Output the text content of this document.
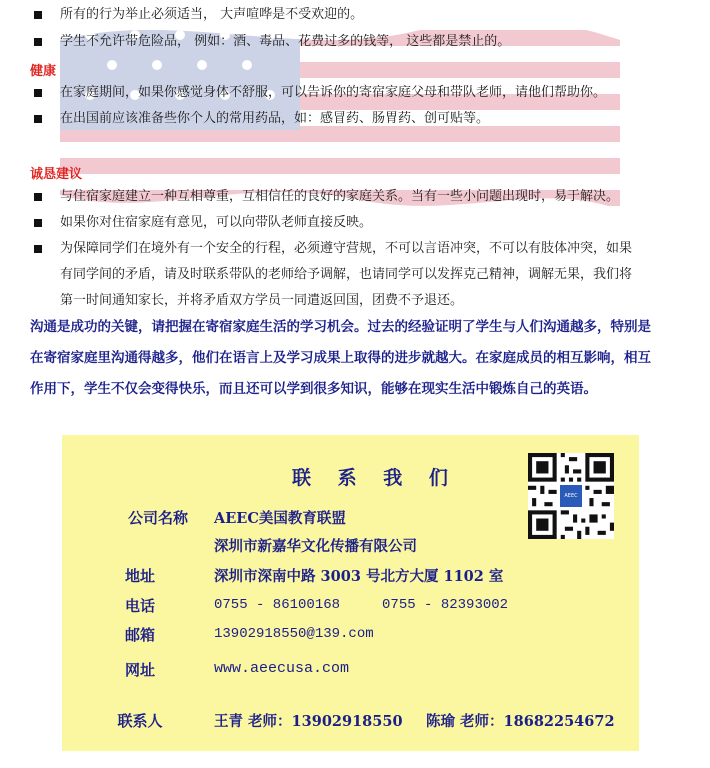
所有的行为举止必须适当， 大声喧哗是不受欢迎的。
学生不允许带危险品， 例如：酒、毒品、花费过多的钱等， 这些都是禁止的。
健康
在家庭期间，如果你感觉身体不舒服，可以告诉你的寄宿家庭父母和带队老师，请他们帮助你。
在出国前应该准备些你个人的常用药品，如：感冒药、肠胃药、创可贴等。
诚恳建议
与住宿家庭建立一种互相尊重，互相信任的良好的家庭关系。当有一些小问题出现时，易于解决。
如果你对住宿家庭有意见，可以向带队老师直接反映。
为保障同学们在境外有一个安全的行程，必须遵守营规，不可以言语冲突，不可以有肢体冲突，如果
有同学间的矛盾，请及时联系带队的老师给予调解，也请同学可以发挥克己精神，调解无果，我们将
第一时间通知家长，并将矛盾双方学员一同遣返回国，团费不予退还。
沟通是成功的关键，请把握在寄宿家庭生活的学习机会。过去的经验证明了学生与人们沟通越多，特别是
在寄宿家庭里沟通得越多，他们在语言上及学习成果上取得的进步就越大。在家庭成员的相互影响，相互
作用下，学生不仅会变得快乐，而且还可以学到很多知识，能够在现实生活中锻炼自己的英语。
联 系 我 们
AEEC
公司名称	AEEC美国教育联盟
深圳市新嘉华文化传播有限公司
地址	深圳市深南中路 3003 号北方大厦 1102 室
电话	0755 - 86100168     0755 - 82393002
邮箱	13902918550@139.com
网址	www.aeecusa.com
联系人	王青 老师：13902918550 陈瑜 老师：18682254672
